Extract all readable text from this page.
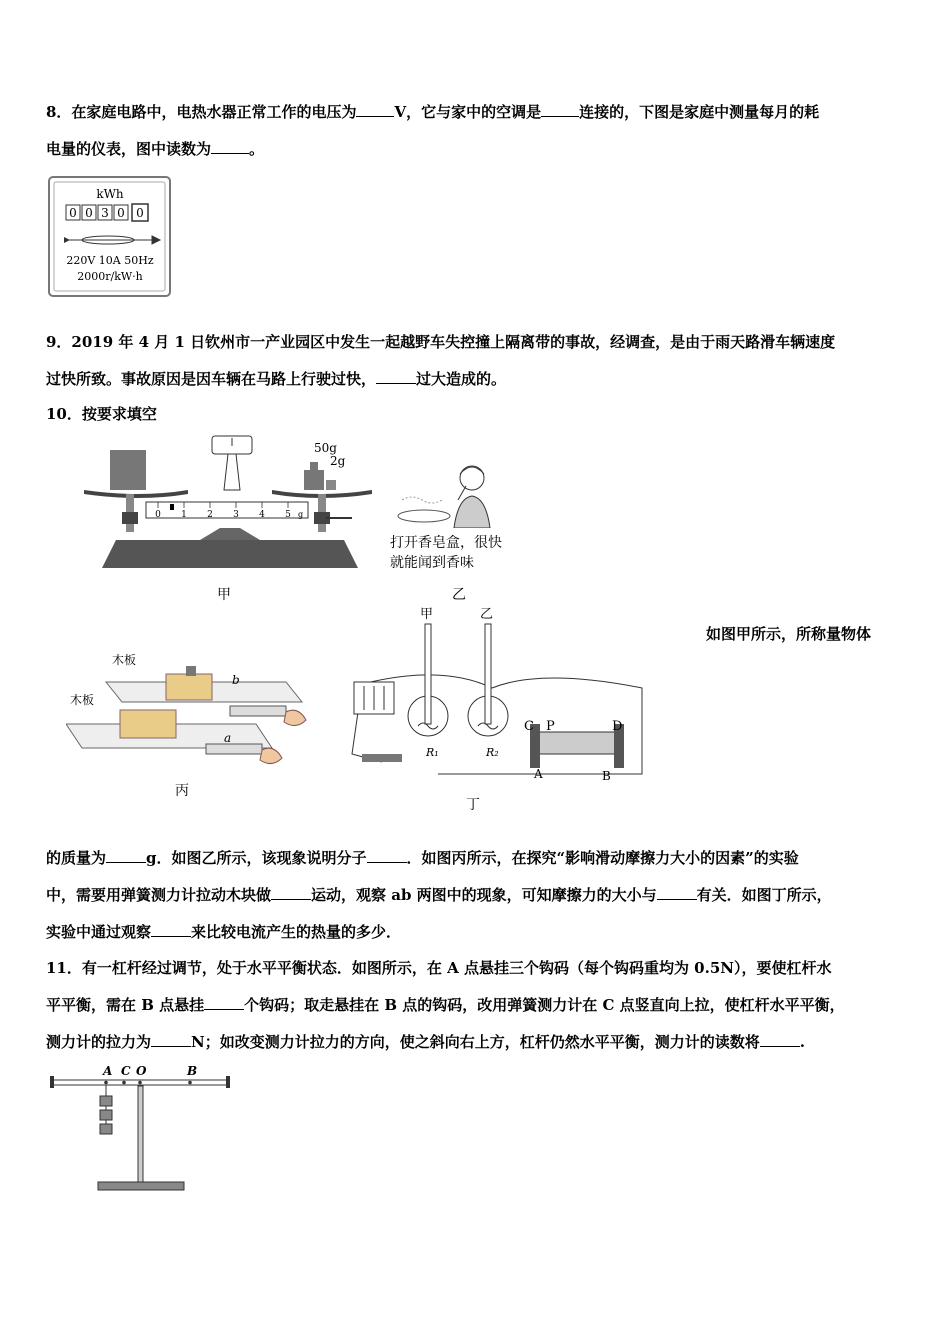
8．在家庭电路中，电热水器正常工作的电压为	V，它与家中的空调是	连接的，下图是家庭中测量每月的耗
电量的仪表，图中读数为	。
kWh
0 0 3 0 0
220V 10A 50Hz
2000r/kW·h
9．2019 年 4 月 1 日钦州市一产业园区中发生一起越野车失控撞上隔离带的事故，经调查，是由于雨天路滑车辆速度
过快所致。事故原因是因车辆在马路上行驶过快，	过大造成的。
10．按要求填空
50g
2g
0 1 2 3 4 5 g
打开香皂盒，很快
就能闻到香味
甲	乙
木板
木板
b
a
丙
甲	乙
R₁	R₂
C P	D
A	B
丁
如图甲所示，所称量物体
的质量为	g．如图乙所示，该现象说明分子	．如图丙所示，在探究“影响滑动摩擦力大小的因素”的实验
中，需要用弹簧测力计拉动木块做	运动，观察 ab 两图中的现象，可知摩擦力的大小与	有关．如图丁所示，
实验中通过观察	来比较电流产生的热量的多少．
11．有一杠杆经过调节，处于水平平衡状态．如图所示，在 A 点悬挂三个钩码（每个钩码重均为 0.5N），要使杠杆水
平平衡，需在 B 点悬挂	个钩码；取走悬挂在 B 点的钩码，改用弹簧测力计在 C 点竖直向上拉，使杠杆水平平衡，
测力计的拉力为	N；如改变测力计拉力的方向，使之斜向右上方，杠杆仍然水平平衡，测力计的读数将	.
A C O	B
